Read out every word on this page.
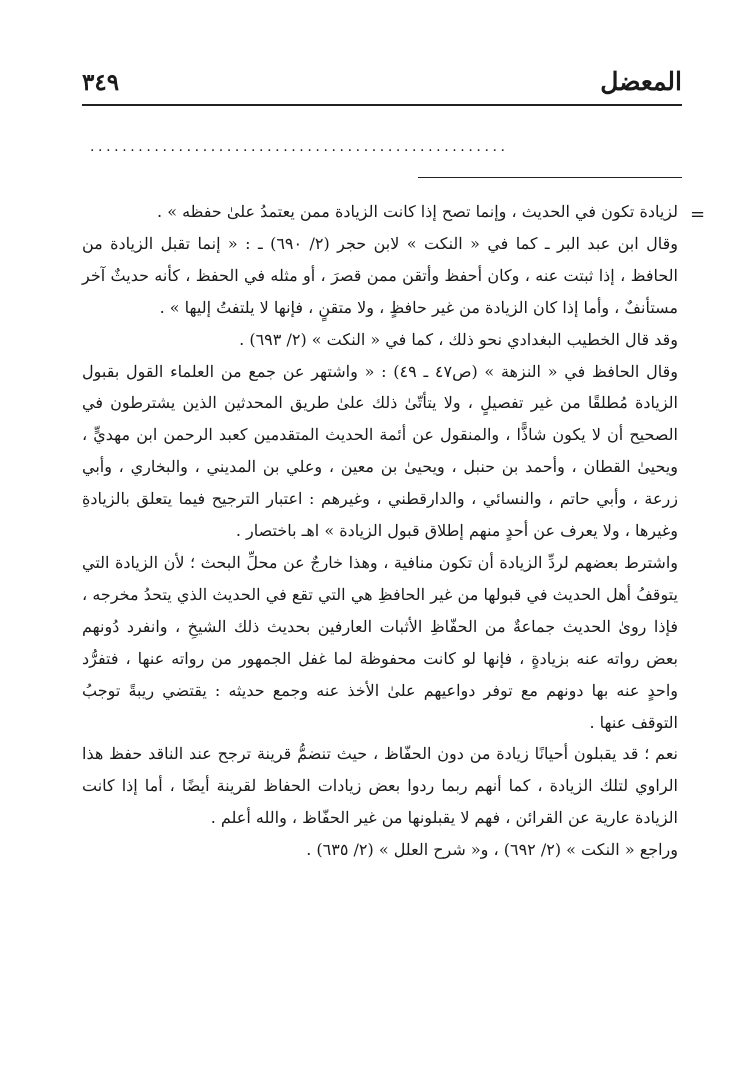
المعضل
٣٤٩
....................................................
=

لزيادة تكون في الحديث ، وإنما تصح إذا كانت الزيادة ممن يعتمدُ علىٰ حفظه » .

وقال ابن عبد البر ـ كما في « النكت » لابن حجر (٢/ ٦٩٠) ـ : « إنما تقبل الزيادة من الحافظ ، إذا ثبتت عنه ، وكان أحفظ وأتقن ممن قصرَ ، أو مثله في الحفظ ، كأنه حديثٌ آخر مستأنفٌ ، وأما إذا كان الزيادة من غير حافظٍ ، ولا متقنٍ ، فإنها لا يلتفتُ إليها » .

وقد قال الخطيب البغدادي نحو ذلك ، كما في « النكت » (٢/ ٦٩٣) .

وقال الحافظ في « النزهة » (ص٤٧ ـ ٤٩) : « واشتهر عن جمع من العلماء القول بقبول الزيادة مُطلقًا من غير تفصيلٍ ، ولا يتأتّىٰ ذلك علىٰ طريق المحدثين الذين يشترطون في الصحيح أن لا يكون شاذًّا ، والمنقول عن أئمة الحديث المتقدمين كعبد الرحمن ابن مهديٍّ ، ويحيىٰ القطان ، وأحمد بن حنبل ، ويحيىٰ بن معين ، وعلي بن المديني ، والبخاري ، وأبي زرعة ، وأبي حاتم ، والنسائي ، والدارقطني ، وغيرهم : اعتبار الترجيح فيما يتعلق بالزيادةِ وغيرها ، ولا يعرف عن أحدٍ منهم إطلاق قبول الزيادة » اهـ باختصار .

واشترط بعضهم لردِّ الزيادة أن تكون منافية ، وهذا خارجٌ عن محلِّ البحث ؛ لأن الزيادة التي يتوقفُ أهل الحديث في قبولها من غير الحافظِ هي التي تقع في الحديث الذي يتحدُ مخرجه ، فإذا روىٰ الحديث جماعةٌ من الحفّاظِ الأثبات العارفين بحديث ذلك الشيخِ ، وانفرد دُونهم بعض رواته عنه بزيادةٍ ، فإنها لو كانت محفوظة لما غفل الجمهور من رواته عنها ، فتفرُّد واحدٍ عنه بها دونهم مع توفر دواعيهم علىٰ الأخذ عنه وجمع حديثه : يقتضي ريبةً توجبُ التوقف عنها .

نعم ؛ قد يقبلون أحيانًا زيادة من دون الحفّاظ ، حيث تنضمُّ قرينة ترجح عند الناقد حفظ هذا الراوي لتلك الزيادة ، كما أنهم ربما ردوا بعض زيادات الحفاظ لقرينة أيضًا ، أما إذا كانت الزيادة عارية عن القرائن ، فهم لا يقبلونها من غير الحفّاظ ، والله أعلم .

وراجع « النكت » (٢/ ٦٩٢) ، و« شرح العلل » (٢/ ٦٣٥) .
